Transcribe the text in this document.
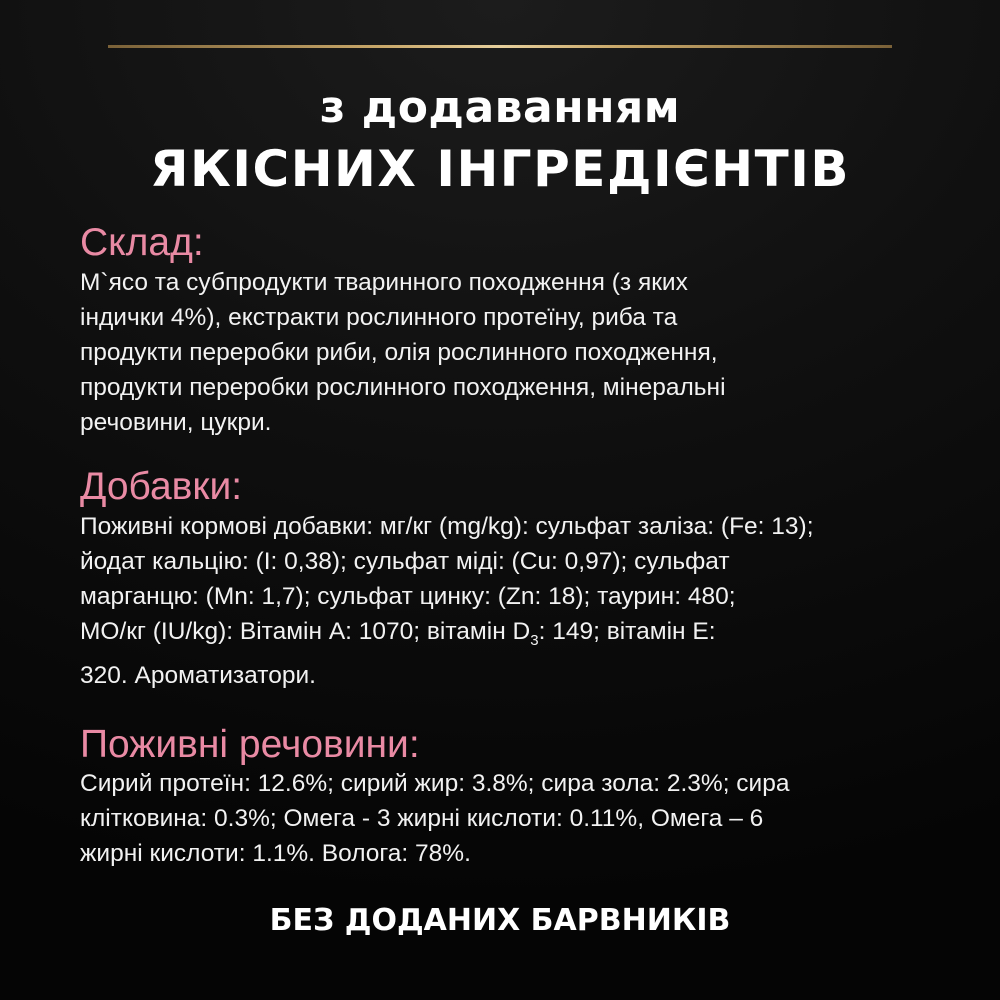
з додаванням
ЯКІСНИХ ІНГРЕДІЄНТІВ
Склад:

М`ясо та субпродукти тваринного походження (з яких
індички 4%), екстракти рослинного протеїну, риба та
продукти переробки риби, олія рослинного походження,
продукти переробки рослинного походження, мінеральні
речовини, цукри.

Добавки:

Поживні кормові добавки: мг/кг (mg/kg): сульфат заліза: (Fe: 13);
йодат кальцію: (I: 0,38); сульфат міді: (Cu: 0,97); сульфат
марганцю: (Mn: 1,7); сульфат цинку: (Zn: 18); таурин: 480;
МО/кг (IU/kg): Вітамін А: 1070; вітамін $D_3$: 149; вітамін Е:
320. Ароматизатори.

Поживні речовини:

Сирий протеїн: 12.6%; сирий жир: 3.8%; сира зола: 2.3%; сира
клітковина: 0.3%; Омега - 3 жирні кислоти: 0.11%, Омега – 6
жирні кислоти: 1.1%. Волога: 78%.

БЕЗ ДОДАНИХ БАРВНИКІВ
